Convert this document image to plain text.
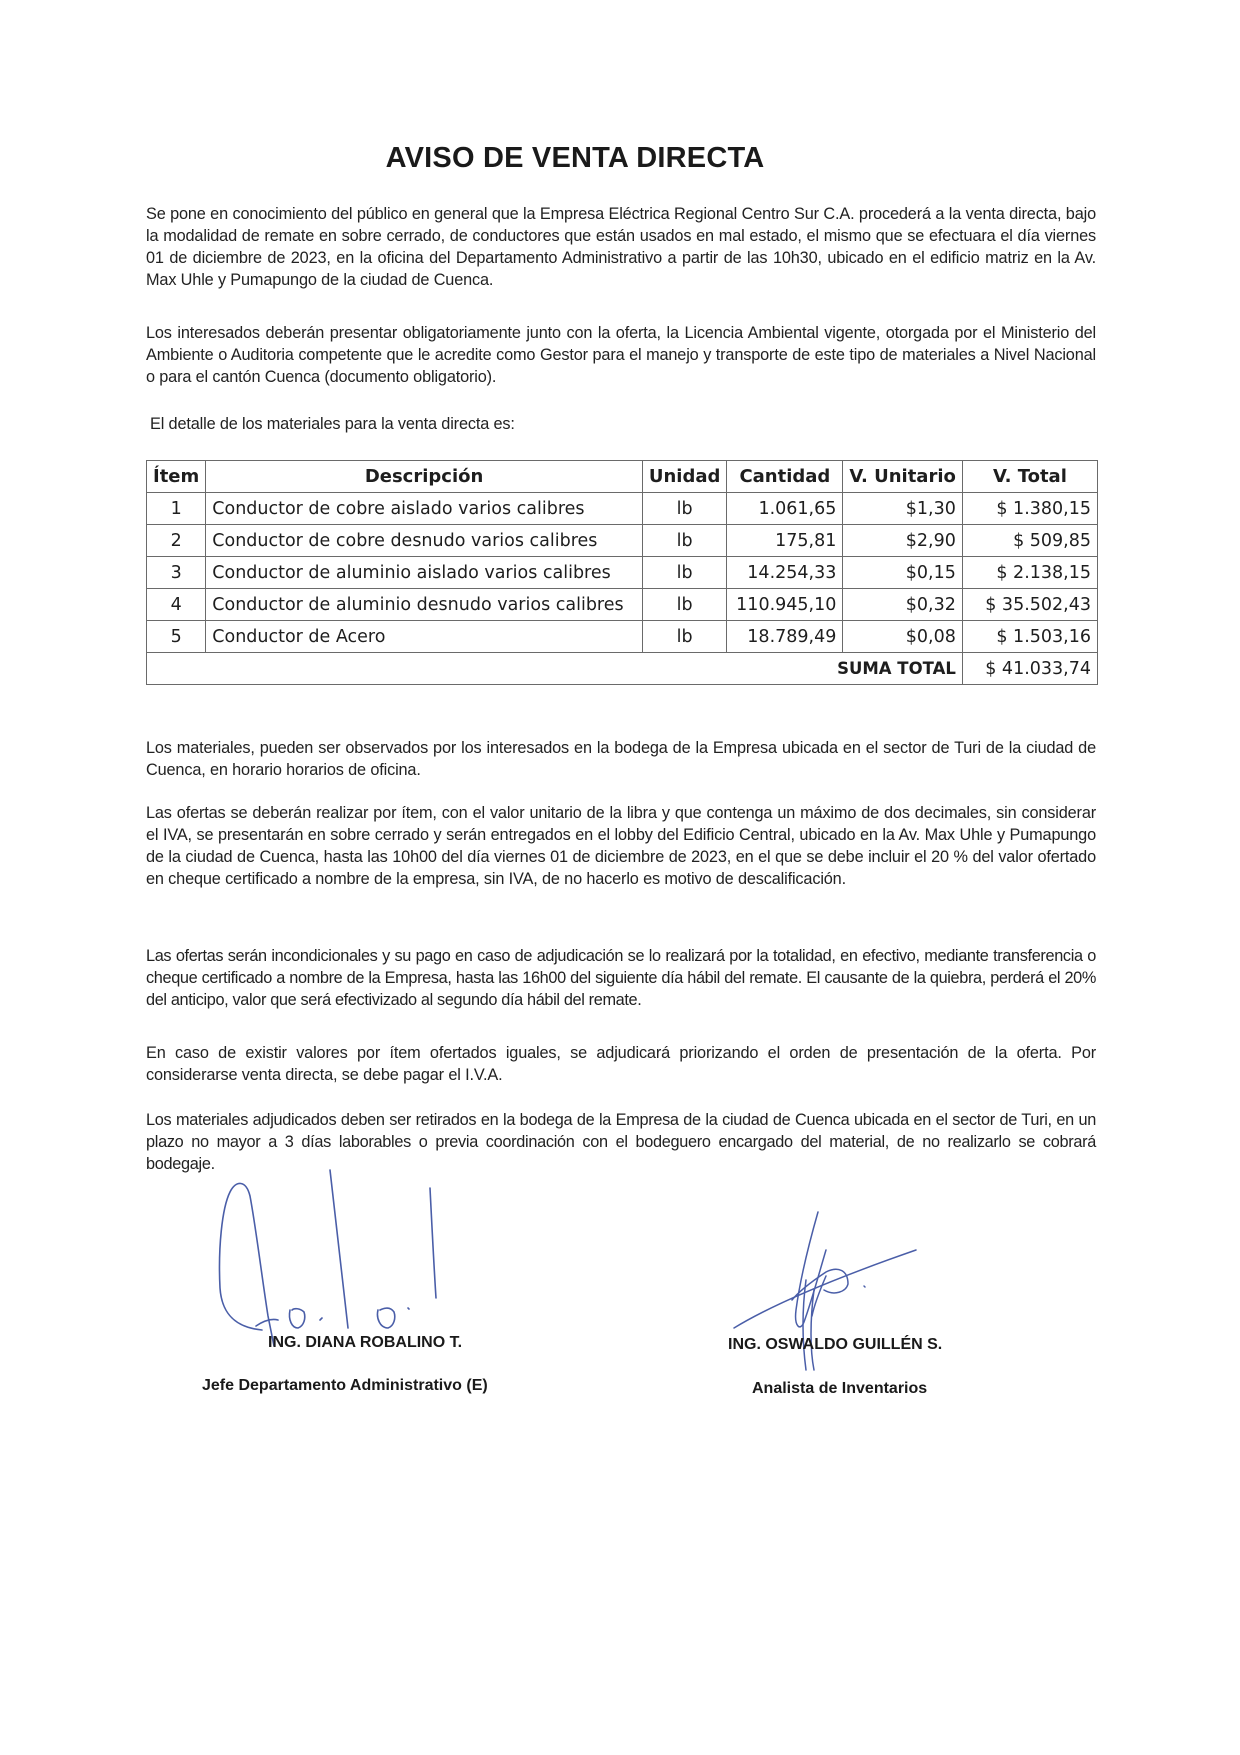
AVISO DE VENTA DIRECTA

Se pone en conocimiento del público en general que la Empresa Eléctrica Regional Centro Sur C.A. procederá a la venta directa, bajo la modalidad de remate en sobre cerrado, de conductores que están usados en mal estado, el mismo que se efectuara el día viernes 01 de diciembre de 2023, en la oficina del Departamento Administrativo a partir de las 10h30, ubicado en el edificio matriz en la Av. Max Uhle y Pumapungo de la ciudad de Cuenca.

Los interesados deberán presentar obligatoriamente junto con la oferta, la Licencia Ambiental vigente, otorgada por el Ministerio del Ambiente o Auditoria competente que le acredite como Gestor para el manejo y transporte de este tipo de materiales a Nivel Nacional o para el cantón Cuenca (documento obligatorio).

El detalle de los materiales para la venta directa es:

Ítem	Descripción	Unidad	Cantidad	V. Unitario	V. Total
1	Conductor de cobre aislado varios calibres	lb	1.061,65	$1,30	$ 1.380,15
2	Conductor de cobre desnudo varios calibres	lb	175,81	$2,90	$ 509,85
3	Conductor de aluminio aislado varios calibres	lb	14.254,33	$0,15	$ 2.138,15
4	Conductor de aluminio desnudo varios calibres	lb	110.945,10	$0,32	$ 35.502,43
5	Conductor de Acero	lb	18.789,49	$0,08	$ 1.503,16
SUMA TOTAL					$ 41.033,74

Los materiales, pueden ser observados por los interesados en la bodega de la Empresa ubicada en el sector de Turi de la ciudad de Cuenca, en horario horarios de oficina.

Las ofertas se deberán realizar por ítem, con el valor unitario de la libra y que contenga un máximo de dos decimales, sin considerar el IVA, se presentarán en sobre cerrado y serán entregados en el lobby del Edificio Central, ubicado en la Av. Max Uhle y Pumapungo de la ciudad de Cuenca, hasta las 10h00 del día viernes 01 de diciembre de 2023, en el que se debe incluir el 20 % del valor ofertado en cheque certificado a nombre de la empresa, sin IVA, de no hacerlo es motivo de descalificación.

Las ofertas serán incondicionales y su pago en caso de adjudicación se lo realizará por la totalidad, en efectivo, mediante transferencia o cheque certificado a nombre de la Empresa, hasta las 16h00 del siguiente día hábil del remate. El causante de la quiebra, perderá el 20% del anticipo, valor que será efectivizado al segundo día hábil del remate.

En caso de existir valores por ítem ofertados iguales, se adjudicará priorizando el orden de presentación de la oferta. Por considerarse venta directa, se debe pagar el I.V.A.

Los materiales adjudicados deben ser retirados en la bodega de la Empresa de la ciudad de Cuenca ubicada en el sector de Turi, en un plazo no mayor a 3 días laborables o previa coordinación con el bodeguero encargado del material, de no realizarlo se cobrará bodegaje.

ING. DIANA ROBALINO T.
Jefe Departamento Administrativo (E)
ING. OSWALDO GUILLÉN S.
Analista de Inventarios
